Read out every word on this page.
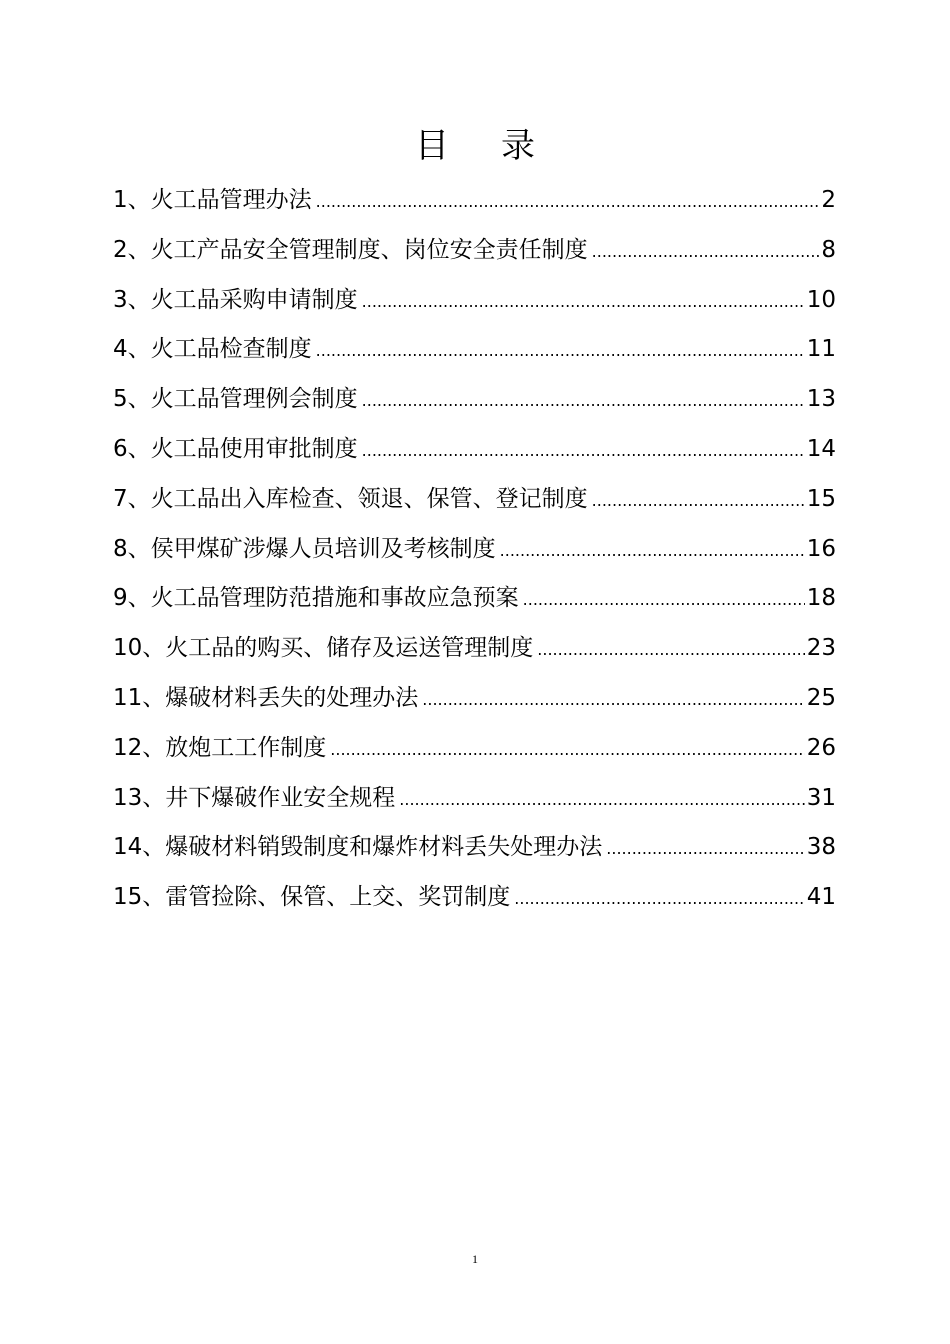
目 录
1、火工品管理办法 .....	2
2、火工产品安全管理制度、岗位安全责任制度 .....	8
3、火工品采购申请制度 .....	10
4、火工品检查制度 .....	11
5、火工品管理例会制度 .....	13
6、火工品使用审批制度 .....	14
7、火工品出入库检查、领退、保管、登记制度 .....	15
8、侯甲煤矿涉爆人员培训及考核制度 .....	16
9、火工品管理防范措施和事故应急预案 .....	18
10、火工品的购买、储存及运送管理制度 .....	23
11、爆破材料丢失的处理办法 .....	25
12、放炮工工作制度 .....	26
13、井下爆破作业安全规程 .....	31
14、爆破材料销毁制度和爆炸材料丢失处理办法 .....	38
15、雷管捡除、保管、上交、奖罚制度 .....	41
1
